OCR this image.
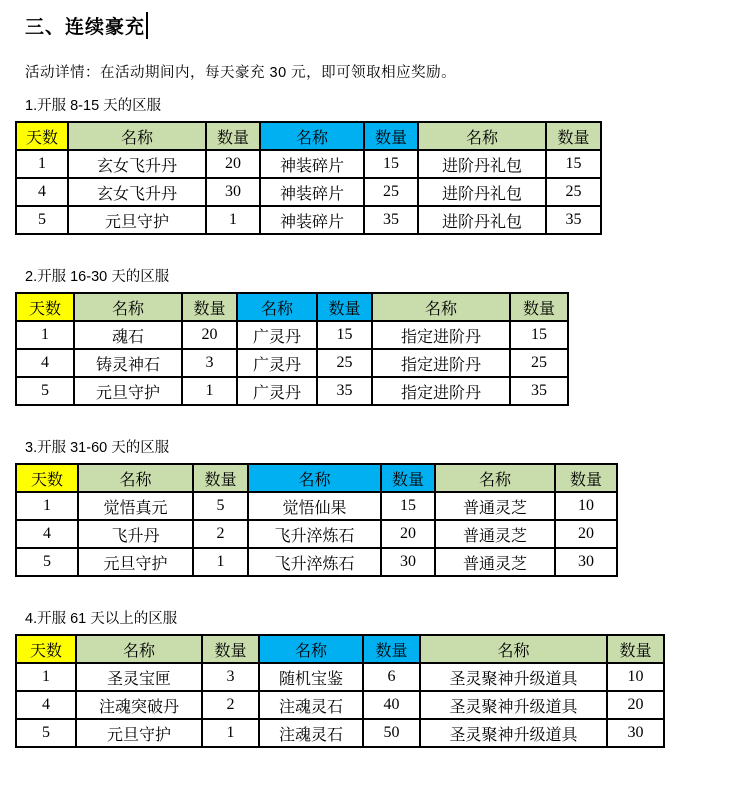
三、连续豪充

活动详情：在活动期间内，每天豪充 30 元，即可领取相应奖励。

1.开服 8-15 天的区服
天数	名称	数量	名称	数量	名称	数量
1	玄女飞升丹	20	神装碎片	15	进阶丹礼包	15
4	玄女飞升丹	30	神装碎片	25	进阶丹礼包	25
5	元旦守护	1	神装碎片	35	进阶丹礼包	35
2.开服 16-30 天的区服
天数	名称	数量	名称	数量	名称	数量
1	魂石	20	广灵丹	15	指定进阶丹	15
4	铸灵神石	3	广灵丹	25	指定进阶丹	25
5	元旦守护	1	广灵丹	35	指定进阶丹	35
3.开服 31-60 天的区服
天数	名称	数量	名称	数量	名称	数量
1	觉悟真元	5	觉悟仙果	15	普通灵芝	10
4	飞升丹	2	飞升淬炼石	20	普通灵芝	20
5	元旦守护	1	飞升淬炼石	30	普通灵芝	30
4.开服 61 天以上的区服
天数	名称	数量	名称	数量	名称	数量
1	圣灵宝匣	3	随机宝鉴	6	圣灵聚神升级道具	10
4	注魂突破丹	2	注魂灵石	40	圣灵聚神升级道具	20
5	元旦守护	1	注魂灵石	50	圣灵聚神升级道具	30
